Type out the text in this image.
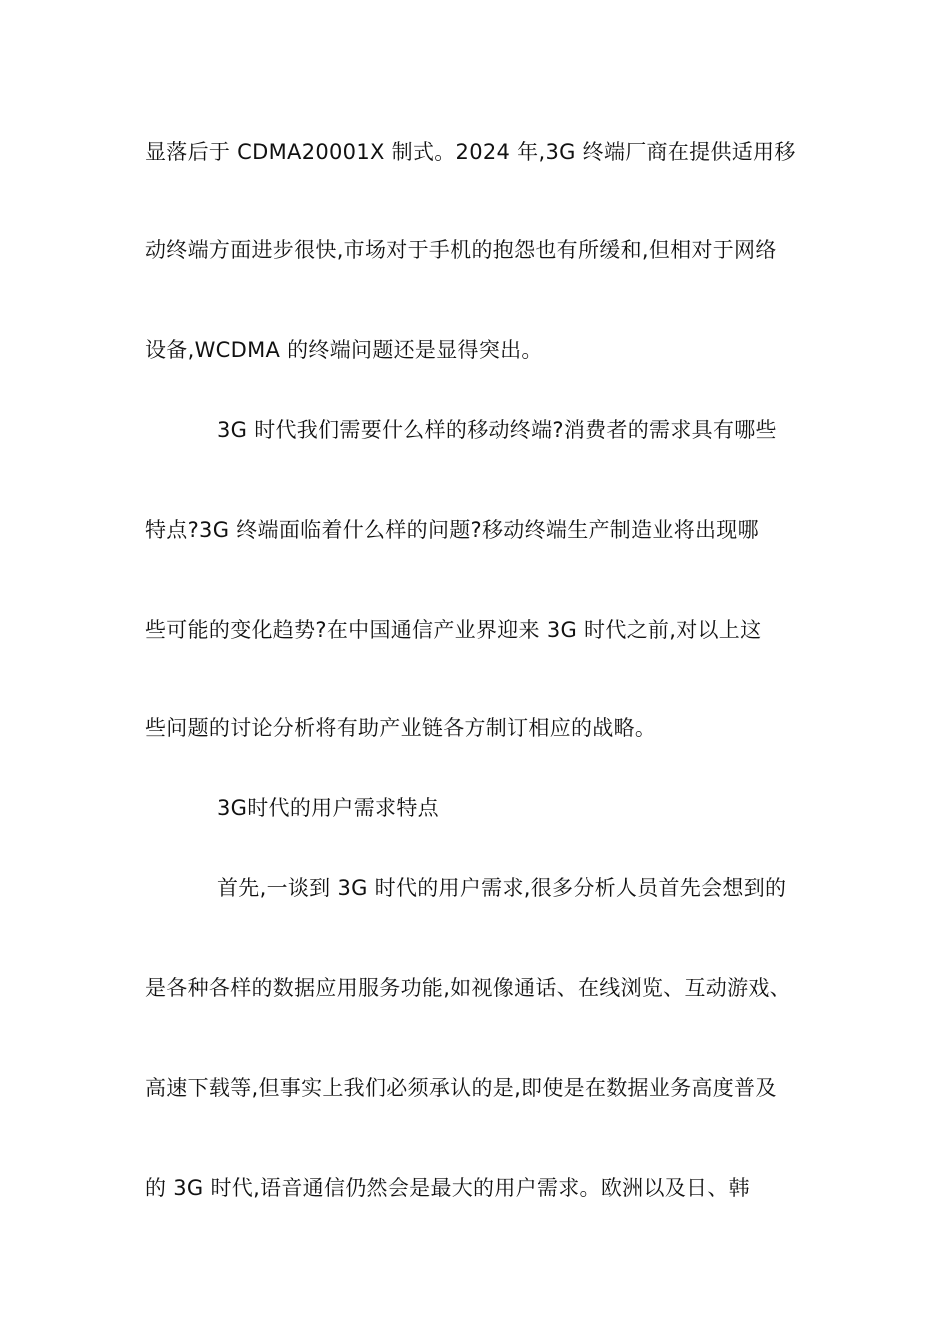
显落后于 CDMA20001X 制式。2024 年,3G 终端厂商在提供适用移

动终端方面进步很快,市场对于手机的抱怨也有所缓和,但相对于网络

设备,WCDMA 的终端问题还是显得突出。

3G 时代我们需要什么样的移动终端?消费者的需求具有哪些

特点?3G 终端面临着什么样的问题?移动终端生产制造业将出现哪

些可能的变化趋势?在中国通信产业界迎来 3G 时代之前,对以上这

些问题的讨论分析将有助产业链各方制订相应的战略。

3G时代的用户需求特点

首先,一谈到 3G 时代的用户需求,很多分析人员首先会想到的

是各种各样的数据应用服务功能,如视像通话、在线浏览、互动游戏、

高速下载等,但事实上我们必须承认的是,即使是在数据业务高度普及

的 3G 时代,语音通信仍然会是最大的用户需求。欧洲以及日、韩
